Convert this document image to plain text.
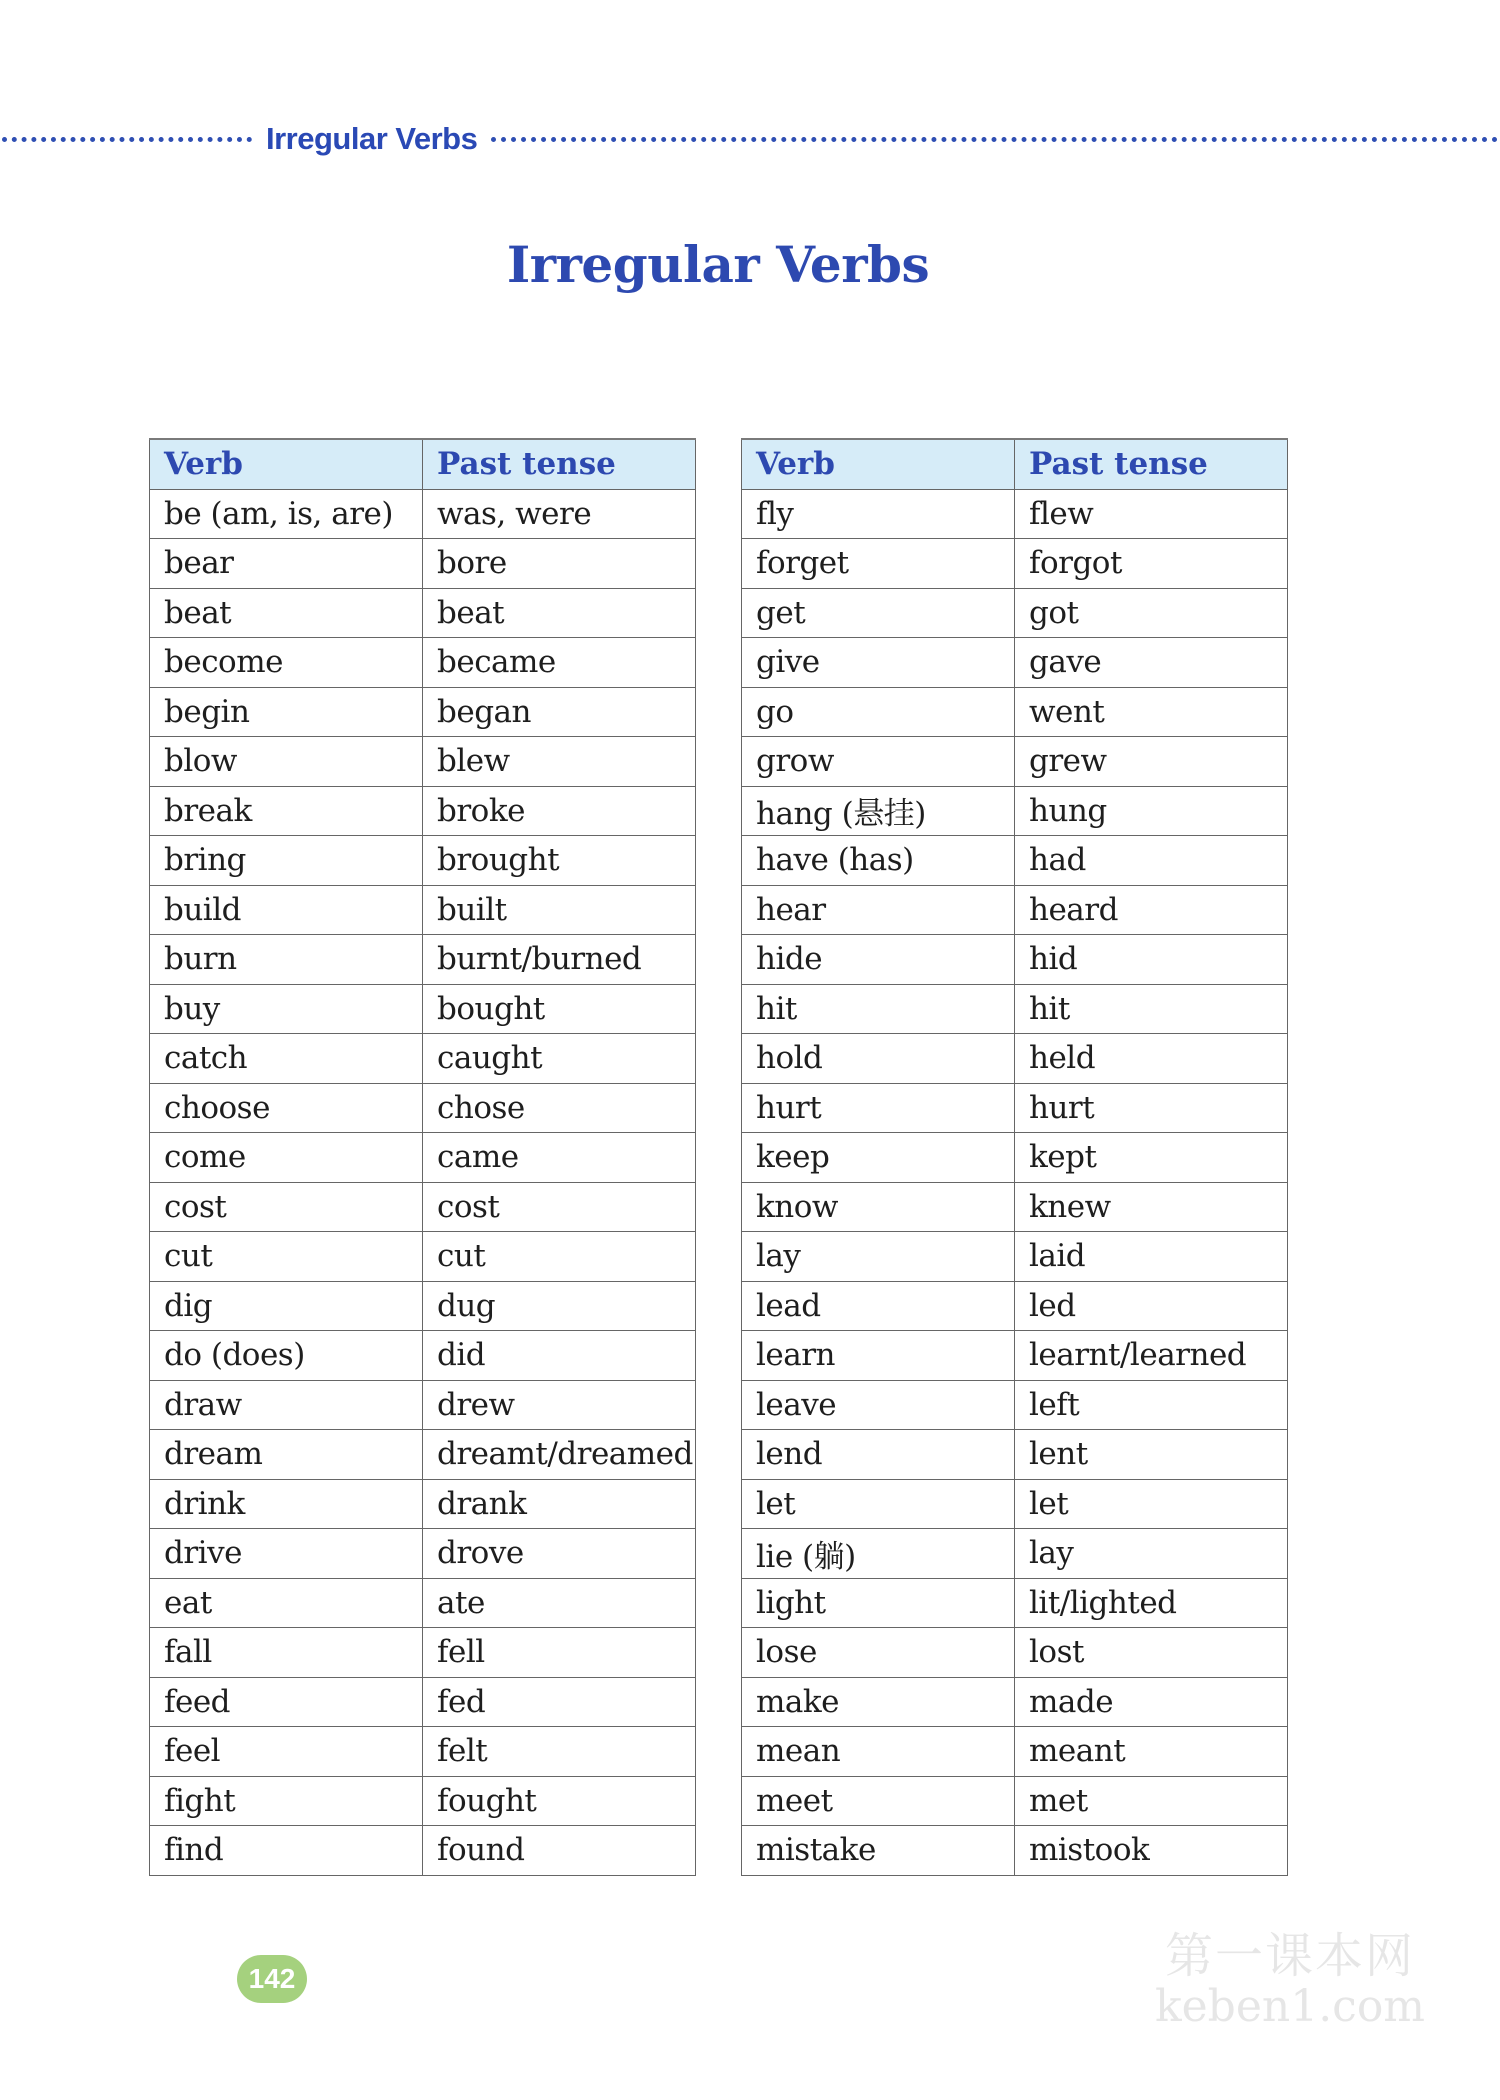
Irregular Verbs
Irregular Verbs
Verb	Past tense
be (am, is, are)	was, were
bear	bore
beat	beat
become	became
begin	began
blow	blew
break	broke
bring	brought
build	built
burn	burnt/burned
buy	bought
catch	caught
choose	chose
come	came
cost	cost
cut	cut
dig	dug
do (does)	did
draw	drew
dream	dreamt/dreamed
drink	drank
drive	drove
eat	ate
fall	fell
feed	fed
feel	felt
fight	fought
find	found
Verb	Past tense
fly	flew
forget	forgot
get	got
give	gave
go	went
grow	grew
hang (悬挂)	hung
have (has)	had
hear	heard
hide	hid
hit	hit
hold	held
hurt	hurt
keep	kept
know	knew
lay	laid
lead	led
learn	learnt/learned
leave	left
lend	lent
let	let
lie (躺)	lay
light	lit/lighted
lose	lost
make	made
mean	meant
meet	met
mistake	mistook
142	第一课本网
keben1.com
